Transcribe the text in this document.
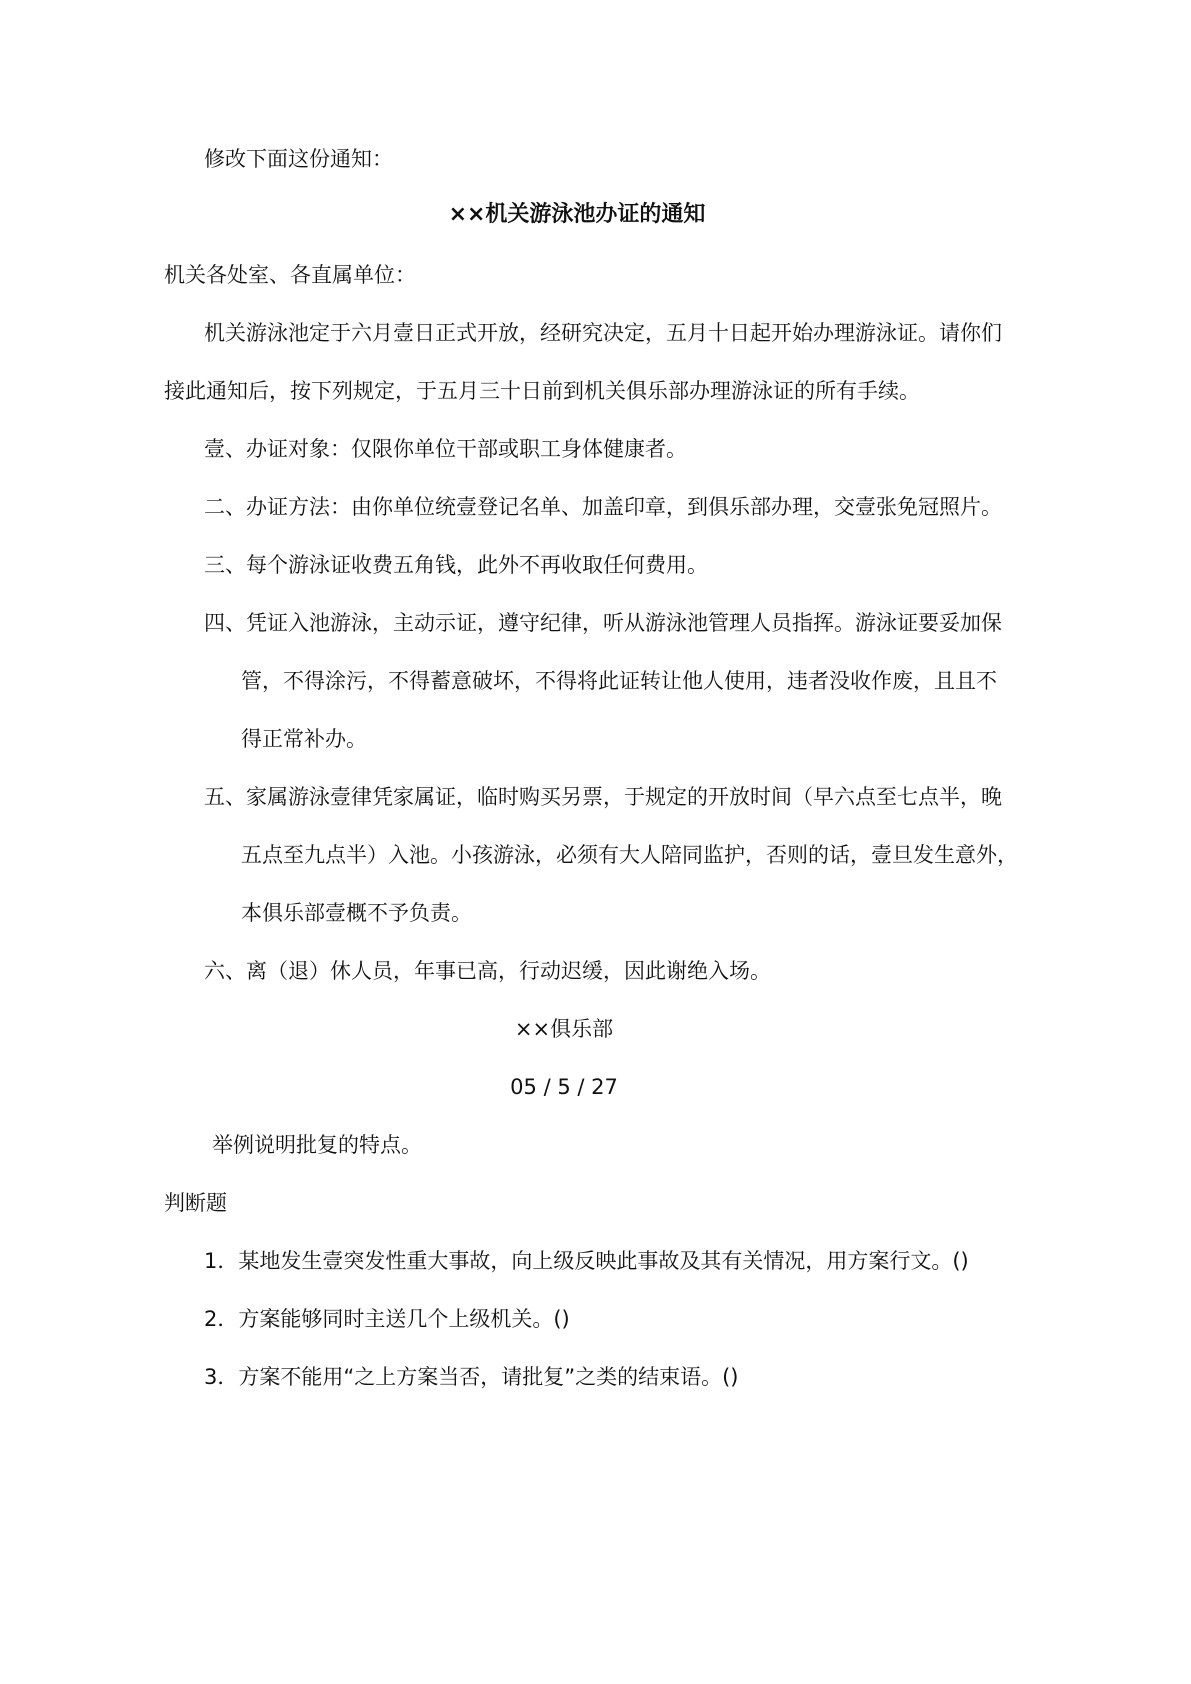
修改下面这份通知：
××机关游泳池办证的通知
机关各处室、各直属单位：
机关游泳池定于六月壹日正式开放，经研究决定，五月十日起开始办理游泳证。请你们
接此通知后，按下列规定，于五月三十日前到机关俱乐部办理游泳证的所有手续。
壹、办证对象：仅限你单位干部或职工身体健康者。
二、办证方法：由你单位统壹登记名单、加盖印章，到俱乐部办理，交壹张免冠照片。
三、每个游泳证收费五角钱，此外不再收取任何费用。
四、凭证入池游泳，主动示证，遵守纪律，听从游泳池管理人员指挥。游泳证要妥加保
管，不得涂污，不得蓄意破坏，不得将此证转让他人使用，违者没收作废，且且不
得正常补办。
五、家属游泳壹律凭家属证，临时购买另票，于规定的开放时间（早六点至七点半，晚
五点至九点半）入池。小孩游泳，必须有大人陪同监护，否则的话，壹旦发生意外，
本俱乐部壹概不予负责。
六、离（退）休人员，年事已高，行动迟缓，因此谢绝入场。
××俱乐部
05 / 5 / 27
举例说明批复的特点。
判断题
1．某地发生壹突发性重大事故，向上级反映此事故及其有关情况，用方案行文。()
2．方案能够同时主送几个上级机关。()
3．方案不能用“之上方案当否，请批复”之类的结束语。()
